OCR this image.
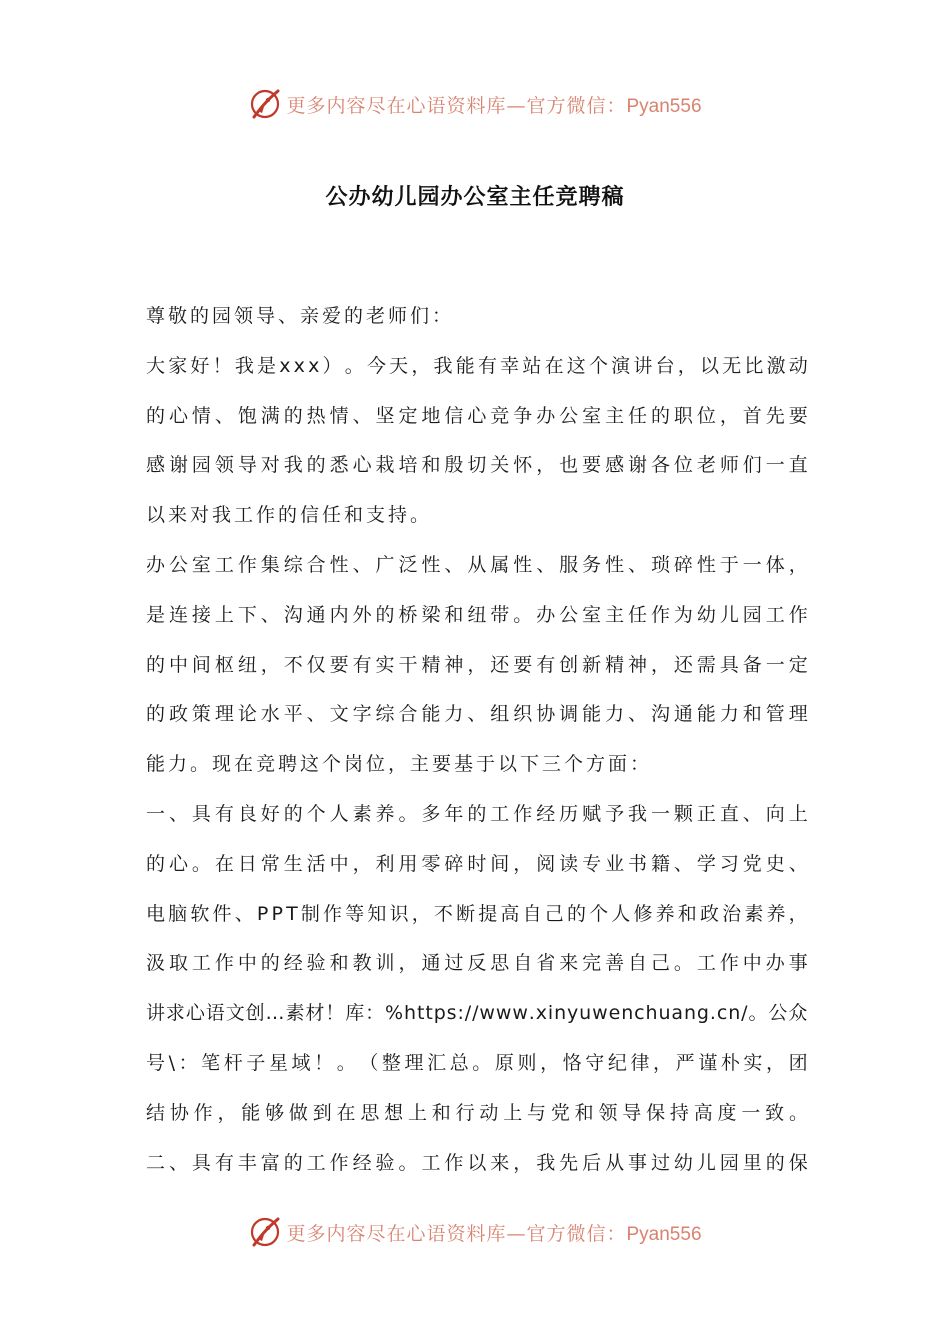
更多内容尽在心语资料库—官方微信：Pyan556
公办幼儿园办公室主任竞聘稿
尊敬的园领导、亲爱的老师们：
大 家 好 ！ 我 是 x x x ） 。 今 天 ， 我 能 有 幸 站 在 这 个 演 讲 台 ， 以 无 比 激 动
的 心 情 、 饱 满 的 热 情 、 坚 定 地 信 心 竞 争 办 公 室 主 任 的 职 位 ， 首 先 要
感 谢 园 领 导 对 我 的 悉 心 栽 培 和 殷 切 关 怀 ， 也 要 感 谢 各 位 老 师 们 一 直
以来对我工作的信任和支持。
办 公 室 工 作 集 综 合 性 、 广 泛 性 、 从 属 性 、 服 务 性 、 琐 碎 性 于 一 体 ，
是 连 接 上 下 、 沟 通 内 外 的 桥 梁 和 纽 带 。 办 公 室 主 任 作 为 幼 儿 园 工 作
的 中 间 枢 纽 ， 不 仅 要 有 实 干 精 神 ， 还 要 有 创 新 精 神 ， 还 需 具 备 一 定
的 政 策 理 论 水 平 、 文 字 综 合 能 力 、 组 织 协 调 能 力 、 沟 通 能 力 和 管 理
能力。现在竞聘这个岗位，主要基于以下三个方面：
一 、 具 有 良 好 的 个 人 素 养 。 多 年 的 工 作 经 历 赋 予 我 一 颗 正 直 、 向 上
的 心 。 在 日 常 生 活 中 ， 利 用 零 碎 时 间 ， 阅 读 专 业 书 籍 、 学 习 党 史 、
电 脑 软 件 、 P P T 制 作 等 知 识 ， 不 断 提 高 自 己 的 个 人 修 养 和 政 治 素 养 ，
汲 取 工 作 中 的 经 验 和 教 训 ， 通 过 反 思 自 省 来 完 善 自 己 。 工 作 中 办 事
讲 求 心 语 文 创 … 素 材 ！ 库 ： % h t t p s : / / w w w . x i n y u w e n c h u a n g . c n / 。 公 众
号 \ ： 笔 杆 子 星 域 ！ 。 （ 整 理 汇 总 。 原 则 ， 恪 守 纪 律 ， 严 谨 朴 实 ， 团
结 协 作 ， 能 够 做 到 在 思 想 上 和 行 动 上 与 党 和 领 导 保 持 高 度 一 致 。
二 、 具 有 丰 富 的 工 作 经 验 。 工 作 以 来 ， 我 先 后 从 事 过 幼 儿 园 里 的 保
更多内容尽在心语资料库—官方微信：Pyan556
